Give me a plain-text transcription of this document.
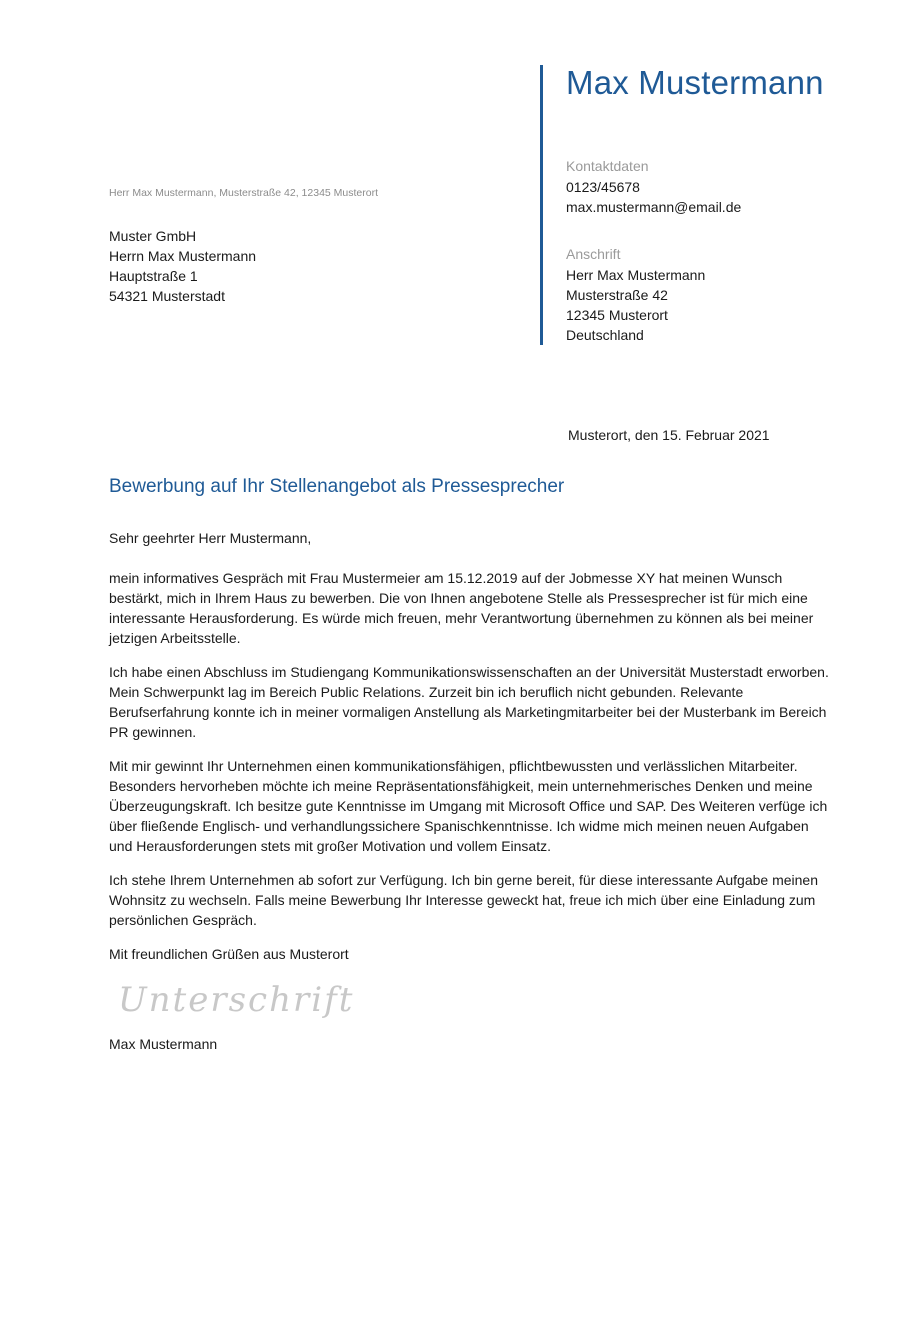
Max Mustermann
Kontaktdaten
0123/45678
max.mustermann@email.de
Anschrift
Herr Max Mustermann
Musterstraße 42
12345 Musterort
Deutschland
Herr Max Mustermann, Musterstraße 42, 12345 Musterort
Muster GmbH
Herrn Max Mustermann
Hauptstraße 1
54321 Musterstadt
Musterort, den 15. Februar 2021
Bewerbung auf Ihr Stellenangebot als Pressesprecher
Sehr geehrter Herr Mustermann,
mein informatives Gespräch mit Frau Mustermeier am 15.12.2019 auf der Jobmesse XY hat meinen Wunsch bestärkt, mich in Ihrem Haus zu bewerben. Die von Ihnen angebotene Stelle als Pressesprecher ist für mich eine interessante Herausforderung. Es würde mich freuen, mehr Verantwortung übernehmen zu können als bei meiner jetzigen Arbeitsstelle.
Ich habe einen Abschluss im Studiengang Kommunikationswissenschaften an der Universität Musterstadt erworben. Mein Schwerpunkt lag im Bereich Public Relations. Zurzeit bin ich beruflich nicht gebunden. Relevante Berufserfahrung konnte ich in meiner vormaligen Anstellung als Marketingmitarbeiter bei der Musterbank im Bereich PR gewinnen.
Mit mir gewinnt Ihr Unternehmen einen kommunikationsfähigen, pflichtbewussten und verlässlichen Mitarbeiter. Besonders hervorheben möchte ich meine Repräsentationsfähigkeit, mein unternehmerisches Denken und meine Überzeugungskraft. Ich besitze gute Kenntnisse im Umgang mit Microsoft Office und SAP. Des Weiteren verfüge ich über fließende Englisch- und verhandlungssichere Spanischkenntnisse. Ich widme mich meinen neuen Aufgaben und Herausforderungen stets mit großer Motivation und vollem Einsatz.
Ich stehe Ihrem Unternehmen ab sofort zur Verfügung. Ich bin gerne bereit, für diese interessante Aufgabe meinen Wohnsitz zu wechseln. Falls meine Bewerbung Ihr Interesse geweckt hat, freue ich mich über eine Einladung zum persönlichen Gespräch.
Mit freundlichen Grüßen aus Musterort
Unterschrift
Max Mustermann
